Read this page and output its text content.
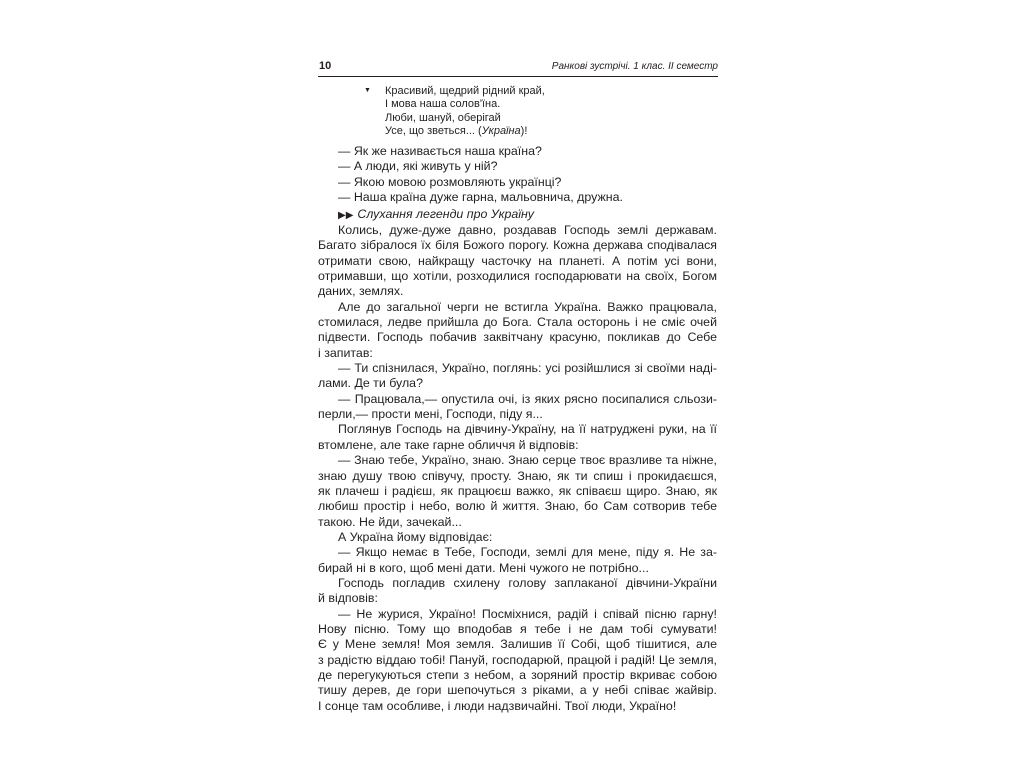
10	Ранкові зустрічі. 1 клас. ІІ семестр
▼ Красивий, щедрий рідний край,
І мова наша солов'їна.
Люби, шануй, оберігай
Усе, що зветься... (Україна)!
— Як же називається наша країна?
— А люди, які живуть у ній?
— Якою мовою розмовляють українці?
— Наша країна дуже гарна, мальовнича, дружна.
▶▶ Слухання легенди про Україну
Колись, дуже-дуже давно, роздавав Господь землі державам.
Багато зібралося їх біля Божого порогу. Кожна держава сподівалася
отримати свою, найкращу часточку на планеті. А потім усі вони,
отримавши, що хотіли, розходилися господарювати на своїх, Богом
даних, землях.
Але до загальної черги не встигла Україна. Важко працювала,
стомилася, ледве прийшла до Бога. Стала осторонь і не сміє очей
підвести. Господь побачив заквітчану красуню, покликав до Себе
і запитав:
— Ти спізнилася, Україно, поглянь: усі розійшлися зі своїми наді-
лами. Де ти була?
— Працювала,— опустила очі, із яких рясно посипалися сльози-
перли,— прости мені, Господи, піду я...
Поглянув Господь на дівчину-Україну, на її натруджені руки, на її
втомлене, але таке гарне обличчя й відповів:
— Знаю тебе, Україно, знаю. Знаю серце твоє вразливе та ніжне,
знаю душу твою співучу, просту. Знаю, як ти спиш і прокидаєшся,
як плачеш і радієш, як працюєш важко, як співаєш щиро. Знаю, як
любиш простір і небо, волю й життя. Знаю, бо Сам сотворив тебе
такою. Не йди, зачекай...
А Україна йому відповідає:
— Якщо немає в Тебе, Господи, землі для мене, піду я. Не за-
бирай ні в кого, щоб мені дати. Мені чужого не потрібно...
Господь погладив схилену голову заплаканої дівчини-України
й відповів:
— Не журися, Україно! Посміхнися, радій і співай пісню гарну!
Нову пісню. Тому що вподобав я тебе і не дам тобі сумувати!
Є у Мене земля! Моя земля. Залишив її Собі, щоб тішитися, але
з радістю віддаю тобі! Пануй, господарюй, працюй і радій! Це земля,
де перегукуються степи з небом, а зоряний простір вкриває собою
тишу дерев, де гори шепочуться з ріками, а у небі співає жайвір.
І сонце там особливе, і люди надзвичайні. Твої люди, Україно!
